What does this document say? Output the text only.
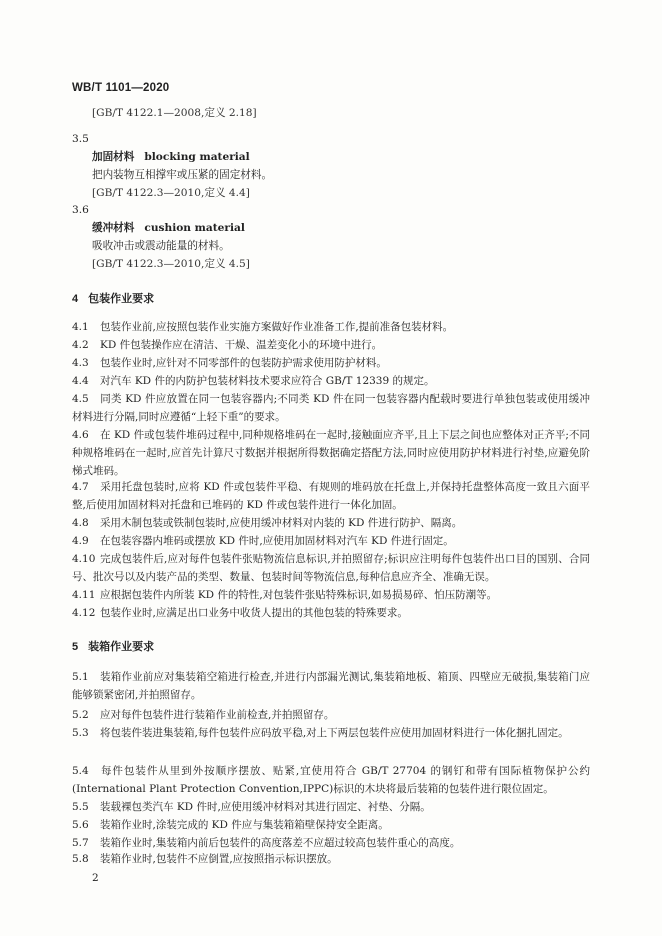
WB/T 1101—2020
[GB/T 4122.1—2008,定义 2.18]
3.5
加固材料 blocking material
把内装物互相撑牢或压紧的固定材料。
[GB/T 4122.3—2010,定义 4.4]
3.6
缓冲材料 cushion material
吸收冲击或震动能量的材料。
[GB/T 4122.3—2010,定义 4.5]
4 包装作业要求
4.1 包装作业前,应按照包装作业实施方案做好作业准备工作,提前准备包装材料。
4.2 KD 件包装操作应在清洁、干燥、温差变化小的环境中进行。
4.3 包装作业时,应针对不同零部件的包装防护需求使用防护材料。
4.4 对汽车 KD 件的内防护包装材料技术要求应符合 GB/T 12339 的规定。
4.5 同类 KD 件应放置在同一包装容器内;不同类 KD 件在同一包装容器内配载时要进行单独包装或使用缓冲材料进行分隔,同时应遵循“上轻下重”的要求。
4.6 在 KD 件或包装件堆码过程中,同种规格堆码在一起时,接触面应齐平,且上下层之间也应整体对正齐平;不同种规格堆码在一起时,应首先计算尺寸数据并根据所得数据确定搭配方法,同时应使用防护材料进行衬垫,应避免阶梯式堆码。
4.7 采用托盘包装时,应将 KD 件或包装件平稳、有规则的堆码放在托盘上,并保持托盘整体高度一致且六面平整,后使用加固材料对托盘和已堆码的 KD 件或包装件进行一体化加固。
4.8 采用木制包装或铁制包装时,应使用缓冲材料对内装的 KD 件进行防护、隔离。
4.9 在包装容器内堆码或摆放 KD 件时,应使用加固材料对汽车 KD 件进行固定。
4.10 完成包装件后,应对每件包装件张贴物流信息标识,并拍照留存;标识应注明每件包装件出口目的国别、合同号、批次号以及内装产品的类型、数量、包装时间等物流信息,每种信息应齐全、准确无误。
4.11 应根据包装件内所装 KD 件的特性,对包装件张贴特殊标识,如易损易碎、怕压防潮等。
4.12 包装作业时,应满足出口业务中收货人提出的其他包装的特殊要求。
5 装箱作业要求
5.1 装箱作业前应对集装箱空箱进行检查,并进行内部漏光测试,集装箱地板、箱顶、四壁应无破损,集装箱门应能够锁紧密闭,并拍照留存。
5.2 应对每件包装件进行装箱作业前检查,并拍照留存。
5.3 将包装件装进集装箱,每件包装件应码放平稳,对上下两层包装件应使用加固材料进行一体化捆扎固定。
5.4 每件包装件从里到外按顺序摆放、贴紧,宜使用符合 GB/T 27704 的钢钉和带有国际植物保护公约(International Plant Protection Convention,IPPC)标识的木块将最后装箱的包装件进行限位固定。
5.5 装载裸包类汽车 KD 件时,应使用缓冲材料对其进行固定、衬垫、分隔。
5.6 装箱作业时,涂装完成的 KD 件应与集装箱箱壁保持安全距离。
5.7 装箱作业时,集装箱内前后包装件的高度落差不应超过较高包装件重心的高度。
5.8 装箱作业时,包装件不应倒置,应按照指示标识摆放。
2
